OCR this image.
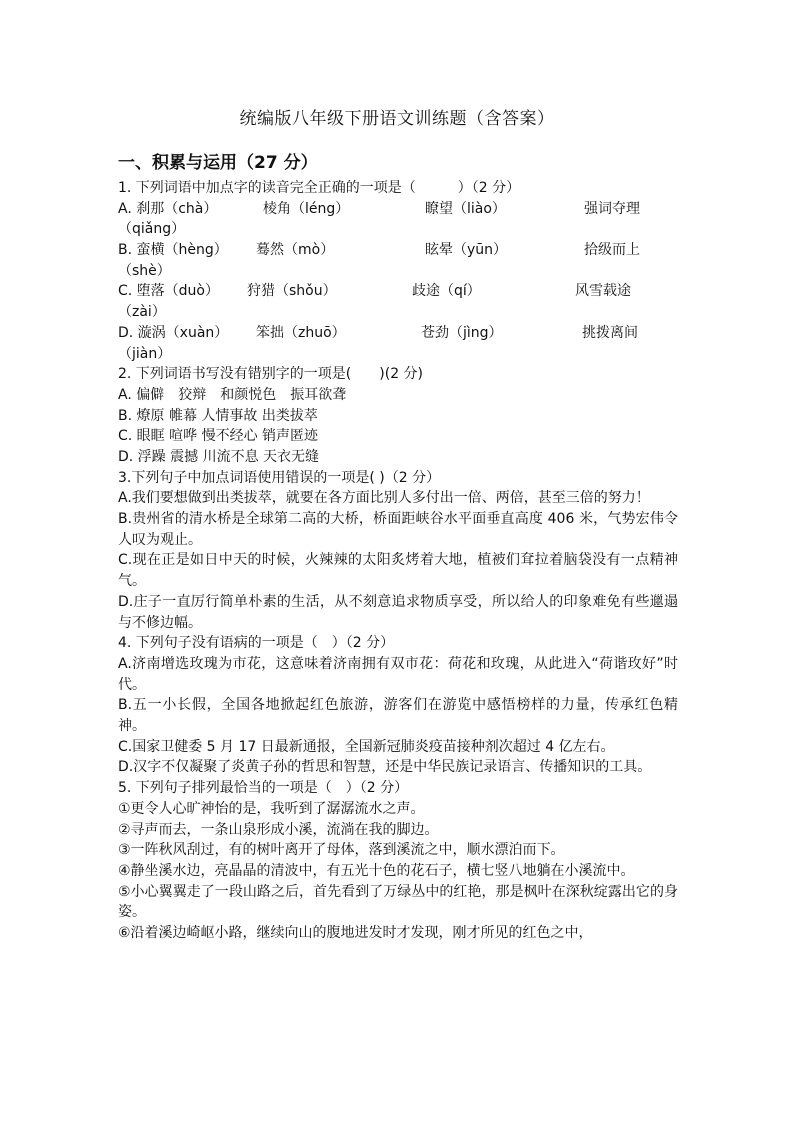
统编版八年级下册语文训练题（含答案）
一、积累与运用（27 分）
1. 下列词语中加点字的读音完全正确的一项是（　　　）（2 分）
A. 刹那（chà）	棱角（léng）	瞭望（liào）	强词夺理
（qiǎng）
B. 蛮横（hèng） 蓦然（mò）	眩晕（yūn）	拾级而上
（shè）
C. 堕落（duò） 狩猎（shǒu）	歧途（qí）	风雪载途
（zài）
D. 漩涡（xuàn） 笨拙（zhuō）	苍劲（jìng）	挑拨离间
（jiàn）
2. 下列词语书写没有错别字的一项是(　　)(2 分)
A. 偏僻　狡辩　和颜悦色　振耳欲聋
B. 燎原 帷幕 人情事故 出类拔萃
C. 眼眶 喧哗 慢不经心 销声匿迹
D. 浮躁 震撼 川流不息 天衣无缝
3.下列句子中加点词语使用错误的一项是( )（2 分）
A.我们要想做到出类拔萃，就要在各方面比别人多付出一倍、两倍，甚至三倍的努力！
B.贵州省的清水桥是全球第二高的大桥，桥面距峡谷水平面垂直高度 406 米，气势宏伟令人叹为观止。
C.现在正是如日中天的时候，火辣辣的太阳炙烤着大地，植被们耷拉着脑袋没有一点精神气。
D.庄子一直厉行简单朴素的生活，从不刻意追求物质享受，所以给人的印象难免有些邋遢与不修边幅。
4. 下列句子没有语病的一项是（　）（2 分）
A.济南增选玫瑰为市花，这意味着济南拥有双市花：荷花和玫瑰，从此进入“荷谐玫好”时代。
B.五一小长假，全国各地掀起红色旅游，游客们在游览中感悟榜样的力量，传承红色精神。
C.国家卫健委 5 月 17 日最新通报，全国新冠肺炎疫苗接种剂次超过 4 亿左右。
D.汉字不仅凝聚了炎黄子孙的哲思和智慧，还是中华民族记录语言、传播知识的工具。
5. 下列句子排列最恰当的一项是（　）（2 分）
①更令人心旷神怡的是，我听到了潺潺流水之声。
②寻声而去，一条山泉形成小溪，流淌在我的脚边。
③一阵秋风刮过，有的树叶离开了母体，落到溪流之中，顺水漂泊而下。
④静坐溪水边，亮晶晶的清波中，有五光十色的花石子，横七竖八地躺在小溪流中。
⑤小心翼翼走了一段山路之后，首先看到了万绿丛中的红艳，那是枫叶在深秋绽露出它的身姿。
⑥沿着溪边崎岖小路，继续向山的腹地进发时才发现，刚才所见的红色之中，
